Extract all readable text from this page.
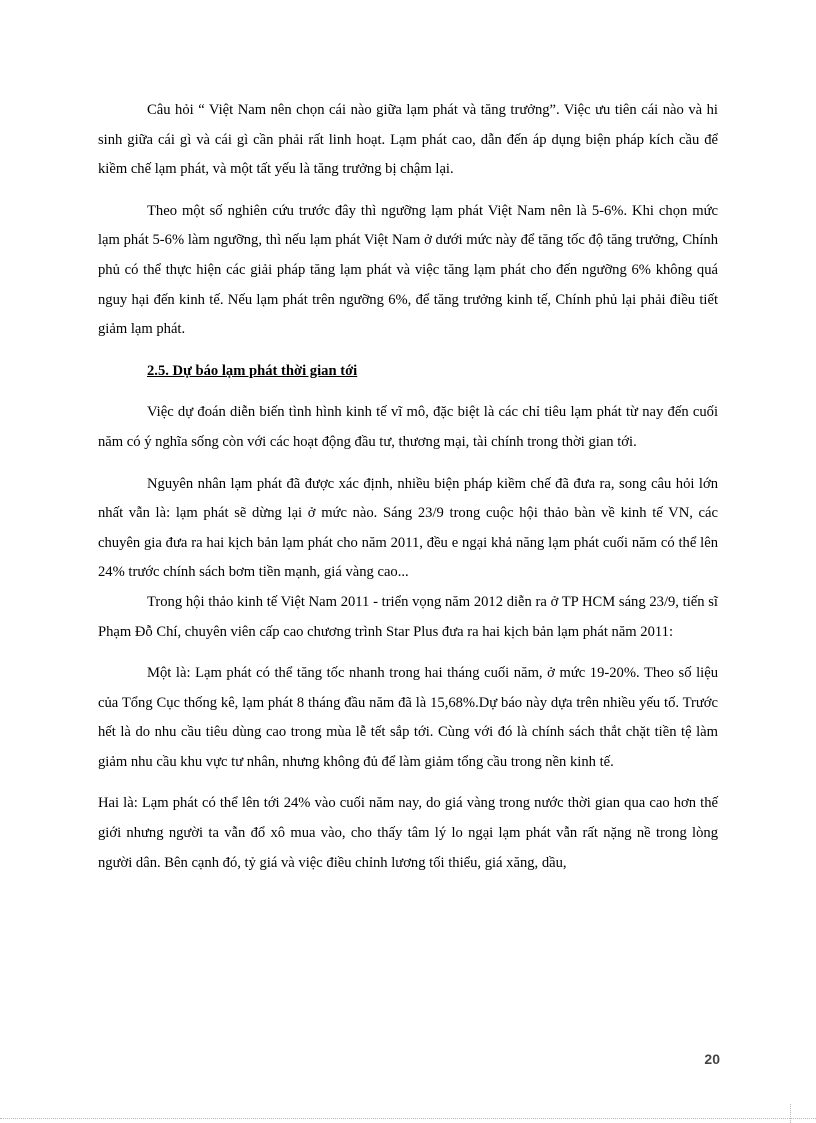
Câu hỏi “ Việt Nam nên chọn cái nào giữa lạm phát và tăng trưởng”. Việc ưu tiên cái nào và hi sinh giữa cái gì và cái gì cần phải rất linh hoạt. Lạm phát cao, dẫn đến áp dụng biện pháp kích cầu để kiềm chế lạm phát, và một tất yếu là tăng trưởng bị chậm lại.

Theo một số nghiên cứu trước đây thì ngưỡng lạm phát Việt Nam nên là 5-6%. Khi chọn mức lạm phát 5-6% làm ngưỡng, thì nếu lạm phát Việt Nam ở dưới mức này để tăng tốc độ tăng trưởng, Chính phủ có thể thực hiện các giải pháp tăng lạm phát và việc tăng lạm phát cho đến ngưỡng 6% không quá nguy hại đến kinh tế. Nếu lạm phát trên ngưỡng 6%, để tăng trưởng kinh tế, Chính phủ lại phải điều tiết giảm lạm phát.

2.5. Dự báo lạm phát thời gian tới

Việc dự đoán diễn biến tình hình kinh tế vĩ mô, đặc biệt là các chỉ tiêu lạm phát từ nay đến cuối năm có ý nghĩa sống còn với các hoạt động đầu tư, thương mại, tài chính trong thời gian tới.

Nguyên nhân lạm phát đã được xác định, nhiều biện pháp kiềm chế đã đưa ra, song câu hỏi lớn nhất vẫn là: lạm phát sẽ dừng lại ở mức nào. Sáng 23/9 trong cuộc hội thảo bàn về kinh tế VN, các chuyên gia đưa ra hai kịch bản lạm phát cho năm 2011, đều e ngại khả năng lạm phát cuối năm có thể lên 24% trước chính sách bơm tiền mạnh, giá vàng cao...

Trong hội thảo kinh tế Việt Nam 2011 - triển vọng năm 2012 diễn ra ở TP HCM sáng 23/9, tiến sĩ Phạm Đỗ Chí, chuyên viên cấp cao chương trình Star Plus đưa ra hai kịch bản lạm phát năm 2011:

Một là: Lạm phát có thể tăng tốc nhanh trong hai tháng cuối năm, ở mức 19-20%. Theo số liệu của Tổng Cục thống kê, lạm phát 8 tháng đầu năm đã là 15,68%.Dự báo này dựa trên nhiều yếu tố. Trước hết là do nhu cầu tiêu dùng cao trong mùa lễ tết sắp tới. Cùng với đó là chính sách thắt chặt tiền tệ làm giảm nhu cầu khu vực tư nhân, nhưng không đủ để làm giảm tổng cầu trong nền kinh tế.

Hai là: Lạm phát có thể lên tới 24% vào cuối năm nay, do giá vàng trong nước thời gian qua cao hơn thế giới nhưng người ta vẫn đổ xô mua vào, cho thấy tâm lý lo ngại lạm phát vẫn rất nặng nề trong lòng người dân. Bên cạnh đó, tỷ giá và việc điều chỉnh lương tối thiểu, giá xăng, dầu,

20
